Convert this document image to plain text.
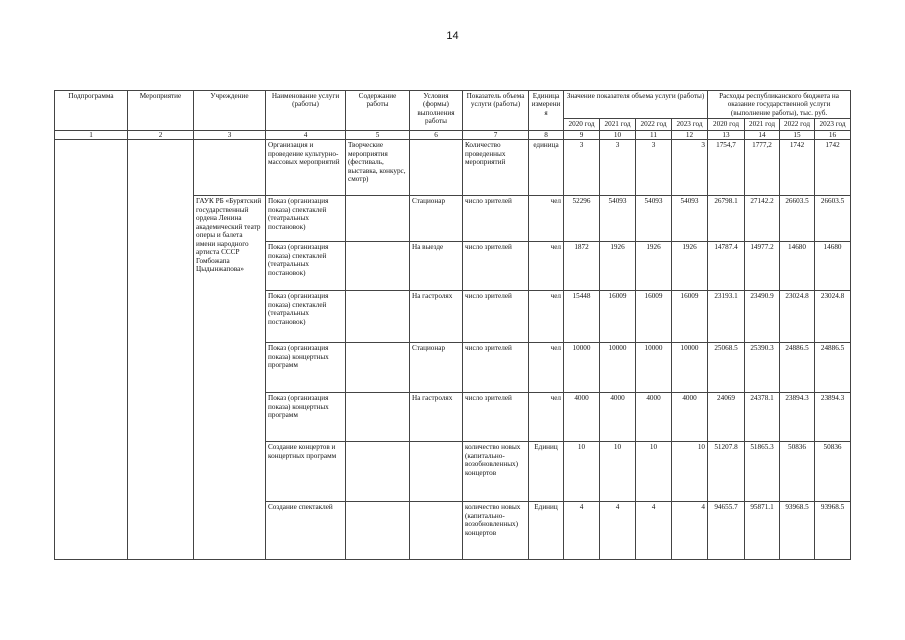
14
Подпрограмма	Мероприятие	Учреждение	Наименование услуги (работы)	Содержание работы	Условия (формы) выполнения работы	Показатель объема услуги (работы)	Единица измерения	Значение показателя объема услуги (работы)				Расходы республиканского бюджета на оказание государственной услуги (выполнение работы), тыс. руб.			
								2020 год	2021 год	2022 год	2023 год	2020 год	2021 год	2022 год	2023 год
1	2	3	4	5	6	7	8	9	10	11	12	13	14	15	16
			Организация и проведение культурно-массовых мероприятий	Творческие мероприятия (фестиваль, выставка, конкурс, смотр)		Количество проведенных мероприятий	единица	3	3	3	3	1754,7	1777,2	1742	1742
		ГАУК РБ «Бурятский государственный ордена Ленина академический театр оперы и балета имени народного артиста СССР Гомбожапа Цыдынжапова»	Показ (организация показа) спектаклей (театральных постановок)		Стационар	число зрителей	чел	52296	54093	54093	54093	26798.1	27142.2	26603.5	26603.5
			Показ (организация показа) спектаклей (театральных постановок)		На выезде	число зрителей	чел	1872	1926	1926	1926	14787.4	14977.2	14680	14680
			Показ (организация показа) спектаклей (театральных постановок)		На гастролях	число зрителей	чел	15448	16009	16009	16009	23193.1	23490.9	23024.8	23024.8
			Показ (организация показа) концертных программ		Стационар	число зрителей	чел	10000	10000	10000	10000	25068.5	25390.3	24886.5	24886.5
			Показ (организация показа) концертных программ		На гастролях	число зрителей	чел	4000	4000	4000	4000	24069	24378.1	23894.3	23894.3
			Создание концертов и концертных программ			количество новых (капитально-возобновленных) концертов	Единиц	10	10	10	10	51207.8	51865.3	50836	50836
			Создание спектаклей			количество новых (капитально-возобновленных) концертов	Единиц	4	4	4	4	94655.7	95871.1	93968.5	93968.5
